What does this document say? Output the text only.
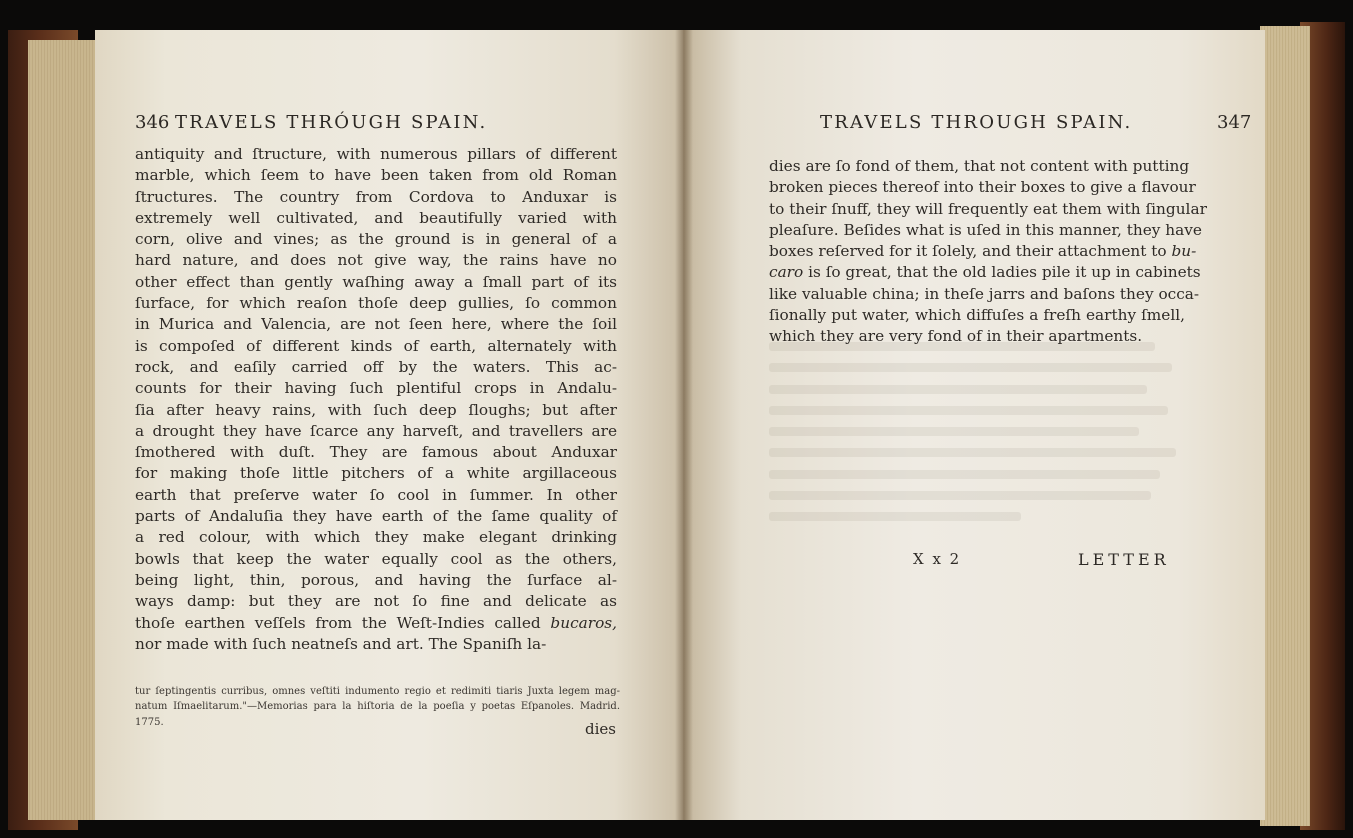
346 TRAVELS THRÓUGH SPAIN.
antiquity and ſtructure, with numerous pillars of different
marble, which ſeem to have been taken from old Roman
ſtructures. The country from Cordova to Anduxar is
extremely well cultivated, and beautifully varied with
corn, olive and vines; as the ground is in general of a
hard nature, and does not give way, the rains have no
other effect than gently waſhing away a ſmall part of its
ſurface, for which reaſon thoſe deep gullies, ſo common
in Murica and Valencia, are not ſeen here, where the ſoil
is compoſed of different kinds of earth, alternately with
rock, and eaſily carried off by the waters. This ac-
counts for their having ſuch plentiful crops in Andalu-
ſia after heavy rains, with ſuch deep ſloughs; but after
a drought they have ſcarce any harveſt, and travellers are
ſmothered with duſt. They are famous about Anduxar
for making thoſe little pitchers of a white argillaceous
earth that preſerve water ſo cool in ſummer. In other
parts of Andaluſia they have earth of the ſame quality of
a red colour, with which they make elegant drinking
bowls that keep the water equally cool as the others,
being light, thin, porous, and having the ſurface al-
ways damp: but they are not ſo fine and delicate as
thoſe earthen veſſels from the Weſt-Indies called bucaros,
nor made with ſuch neatneſs and art. The Spaniſh la-
tur ſeptingentis curribus, omnes veſtiti indumento regio et redimiti tiaris Juxta legem mag-
natum Iſmaelitarum."—Memorias para la hiſtoria de la poeſia y poetas Eſpanoles. Madrid.
1775.	dies
TRAVELS THROUGH SPAIN.	347
dies are ſo fond of them, that not content with putting
broken pieces thereof into their boxes to give a flavour
to their ſnuff, they will frequently eat them with ſingular
pleaſure. Beſides what is uſed in this manner, they have
boxes reſerved for it ſolely, and their attachment to bu-
caro is ſo great, that the old ladies pile it up in cabinets
like valuable china; in theſe jarrs and baſons they occa-
ſionally put water, which diffuſes a freſh earthy ſmell,
which they are very fond of in their apartments.
X x 2	LETTER
